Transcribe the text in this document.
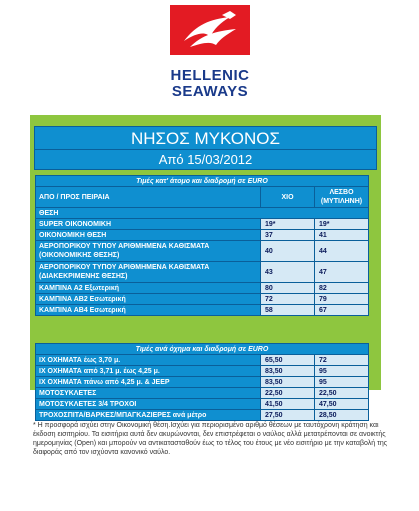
HELLENIC
SEAWAYS
ΝΗΣΟΣ ΜΥΚΟΝΟΣ
Από 15/03/2012
Τιμές κατ' άτομο και διαδρομή σε EURO		
ΑΠΟ / ΠΡΟΣ ΠΕΙΡΑΙΑ	ΧΙΟ	ΛΕΣΒΟ (ΜΥΤΙΛΗΝΗ)
ΘΕΣΗ		
SUPER ΟΙΚΟΝΟΜΙΚΗ	19*	19*
ΟΙΚΟΝΟΜΙΚΗ ΘΕΣΗ	37	41
ΑΕΡΟΠΟΡΙΚΟΥ ΤΥΠΟΥ ΑΡΙΘΜΗΜΕΝΑ ΚΑΘΙΣΜΑΤΑ (ΟΙΚΟΝΟΜΙΚΗΣ ΘΕΣΗΣ)	40	44
ΑΕΡΟΠΟΡΙΚΟΥ ΤΥΠΟΥ ΑΡΙΘΜΗΜΕΝΑ ΚΑΘΙΣΜΑΤΑ (ΔΙΑΚΕΚΡΙΜΕΝΗΣ ΘΕΣΗΣ)	43	47
ΚΑΜΠΙΝΑ Α2 Εξωτερική	80	82
ΚΑΜΠΙΝΑ ΑΒ2 Εσωτερική	72	79
ΚΑΜΠΙΝΑ ΑΒ4 Εσωτερική	58	67
Τιμές ανά όχημα και διαδρομή σε EURO		
ΙΧ ΟΧΗΜΑΤΑ έως 3,70 μ.	65,50	72
ΙΧ ΟΧΗΜΑΤΑ από 3,71 μ. έως 4,25 μ.	83,50	95
ΙΧ ΟΧΗΜΑΤΑ πάνω από 4,25 μ. & JEEP	83,50	95
ΜΟΤΟΣΥΚΛΕΤΕΣ	22,50	22,50
ΜΟΤΟΣΥΚΛΕΤΕΣ 3/4 ΤΡΟΧΟΙ	41,50	47,50
ΤΡΟΧΟΣΠΙΤΑ/ΒΑΡΚΕΣ/ΜΠΑΓΚΑΖΙΕΡΕΣ ανά μέτρο	27,50	28,50
* Η προσφορά ισχύει στην Οικονομική θέση.Ισχύει για περιορισμένο αριθμό θέσεων με ταυτόχρονη κράτηση και έκδοση εισιτηρίου. Τα εισιτήρια αυτά δεν ακυρώνονται, δεν επιστρέφεται ο ναύλος αλλά μετατρέπονται σε ανοικτής ημερομηνίας (Open) και μπορούν να αντικατασταθούν έως το τέλος του έτους με νέο εισιτήριο με την καταβολή της διαφοράς από τον ισχύοντα κανονικό ναύλο.
